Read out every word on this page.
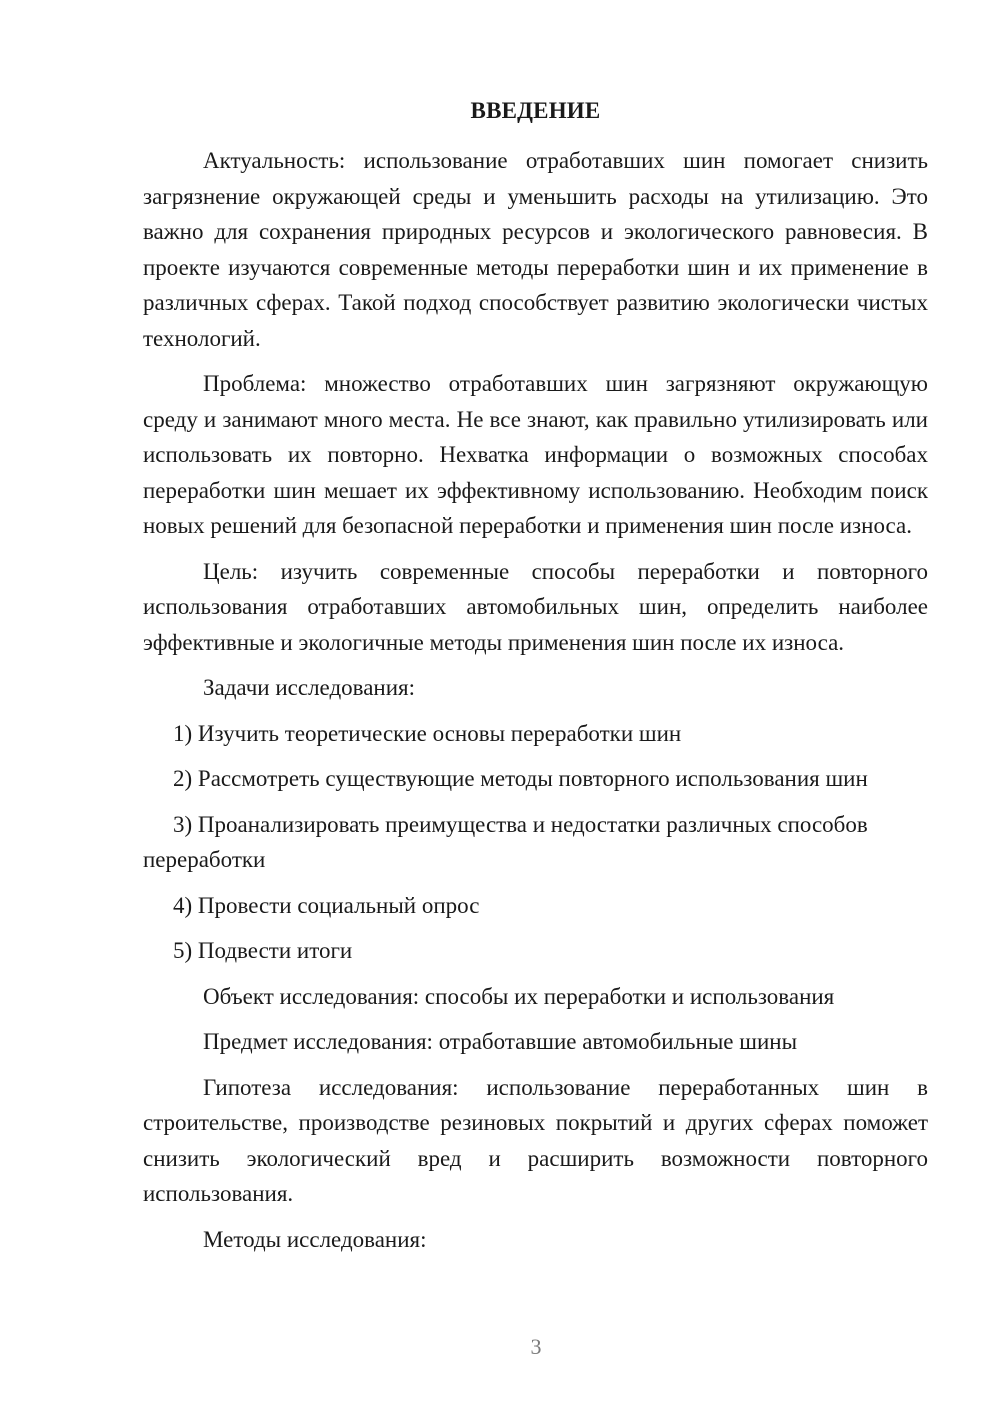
ВВЕДЕНИЕ

Актуальность: использование отработавших шин помогает снизить загрязнение окружающей среды и уменьшить расходы на утилизацию. Это важно для сохранения природных ресурсов и экологического равновесия. В проекте изучаются современные методы переработки шин и их применение в различных сферах. Такой подход способствует развитию экологически чистых технологий.

Проблема: множество отработавших шин загрязняют окружающую среду и занимают много места. Не все знают, как правильно утилизировать или использовать их повторно. Нехватка информации о возможных способах переработки шин мешает их эффективному использованию. Необходим поиск новых решений для безопасной переработки и применения шин после износа.

Цель: изучить современные способы переработки и повторного использования отработавших автомобильных шин, определить наиболее эффективные и экологичные методы применения шин после их износа.

Задачи исследования:

1) Изучить теоретические основы переработки шин

2) Рассмотреть существующие методы повторного использования шин

3) Проанализировать преимущества и недостатки различных способов переработки

4) Провести социальный опрос

5) Подвести итоги

Объект исследования: способы их переработки и использования

Предмет исследования: отработавшие автомобильные шины

Гипотеза исследования: использование переработанных шин в строительстве, производстве резиновых покрытий и других сферах поможет снизить экологический вред и расширить возможности повторного использования.

Методы исследования:

3
